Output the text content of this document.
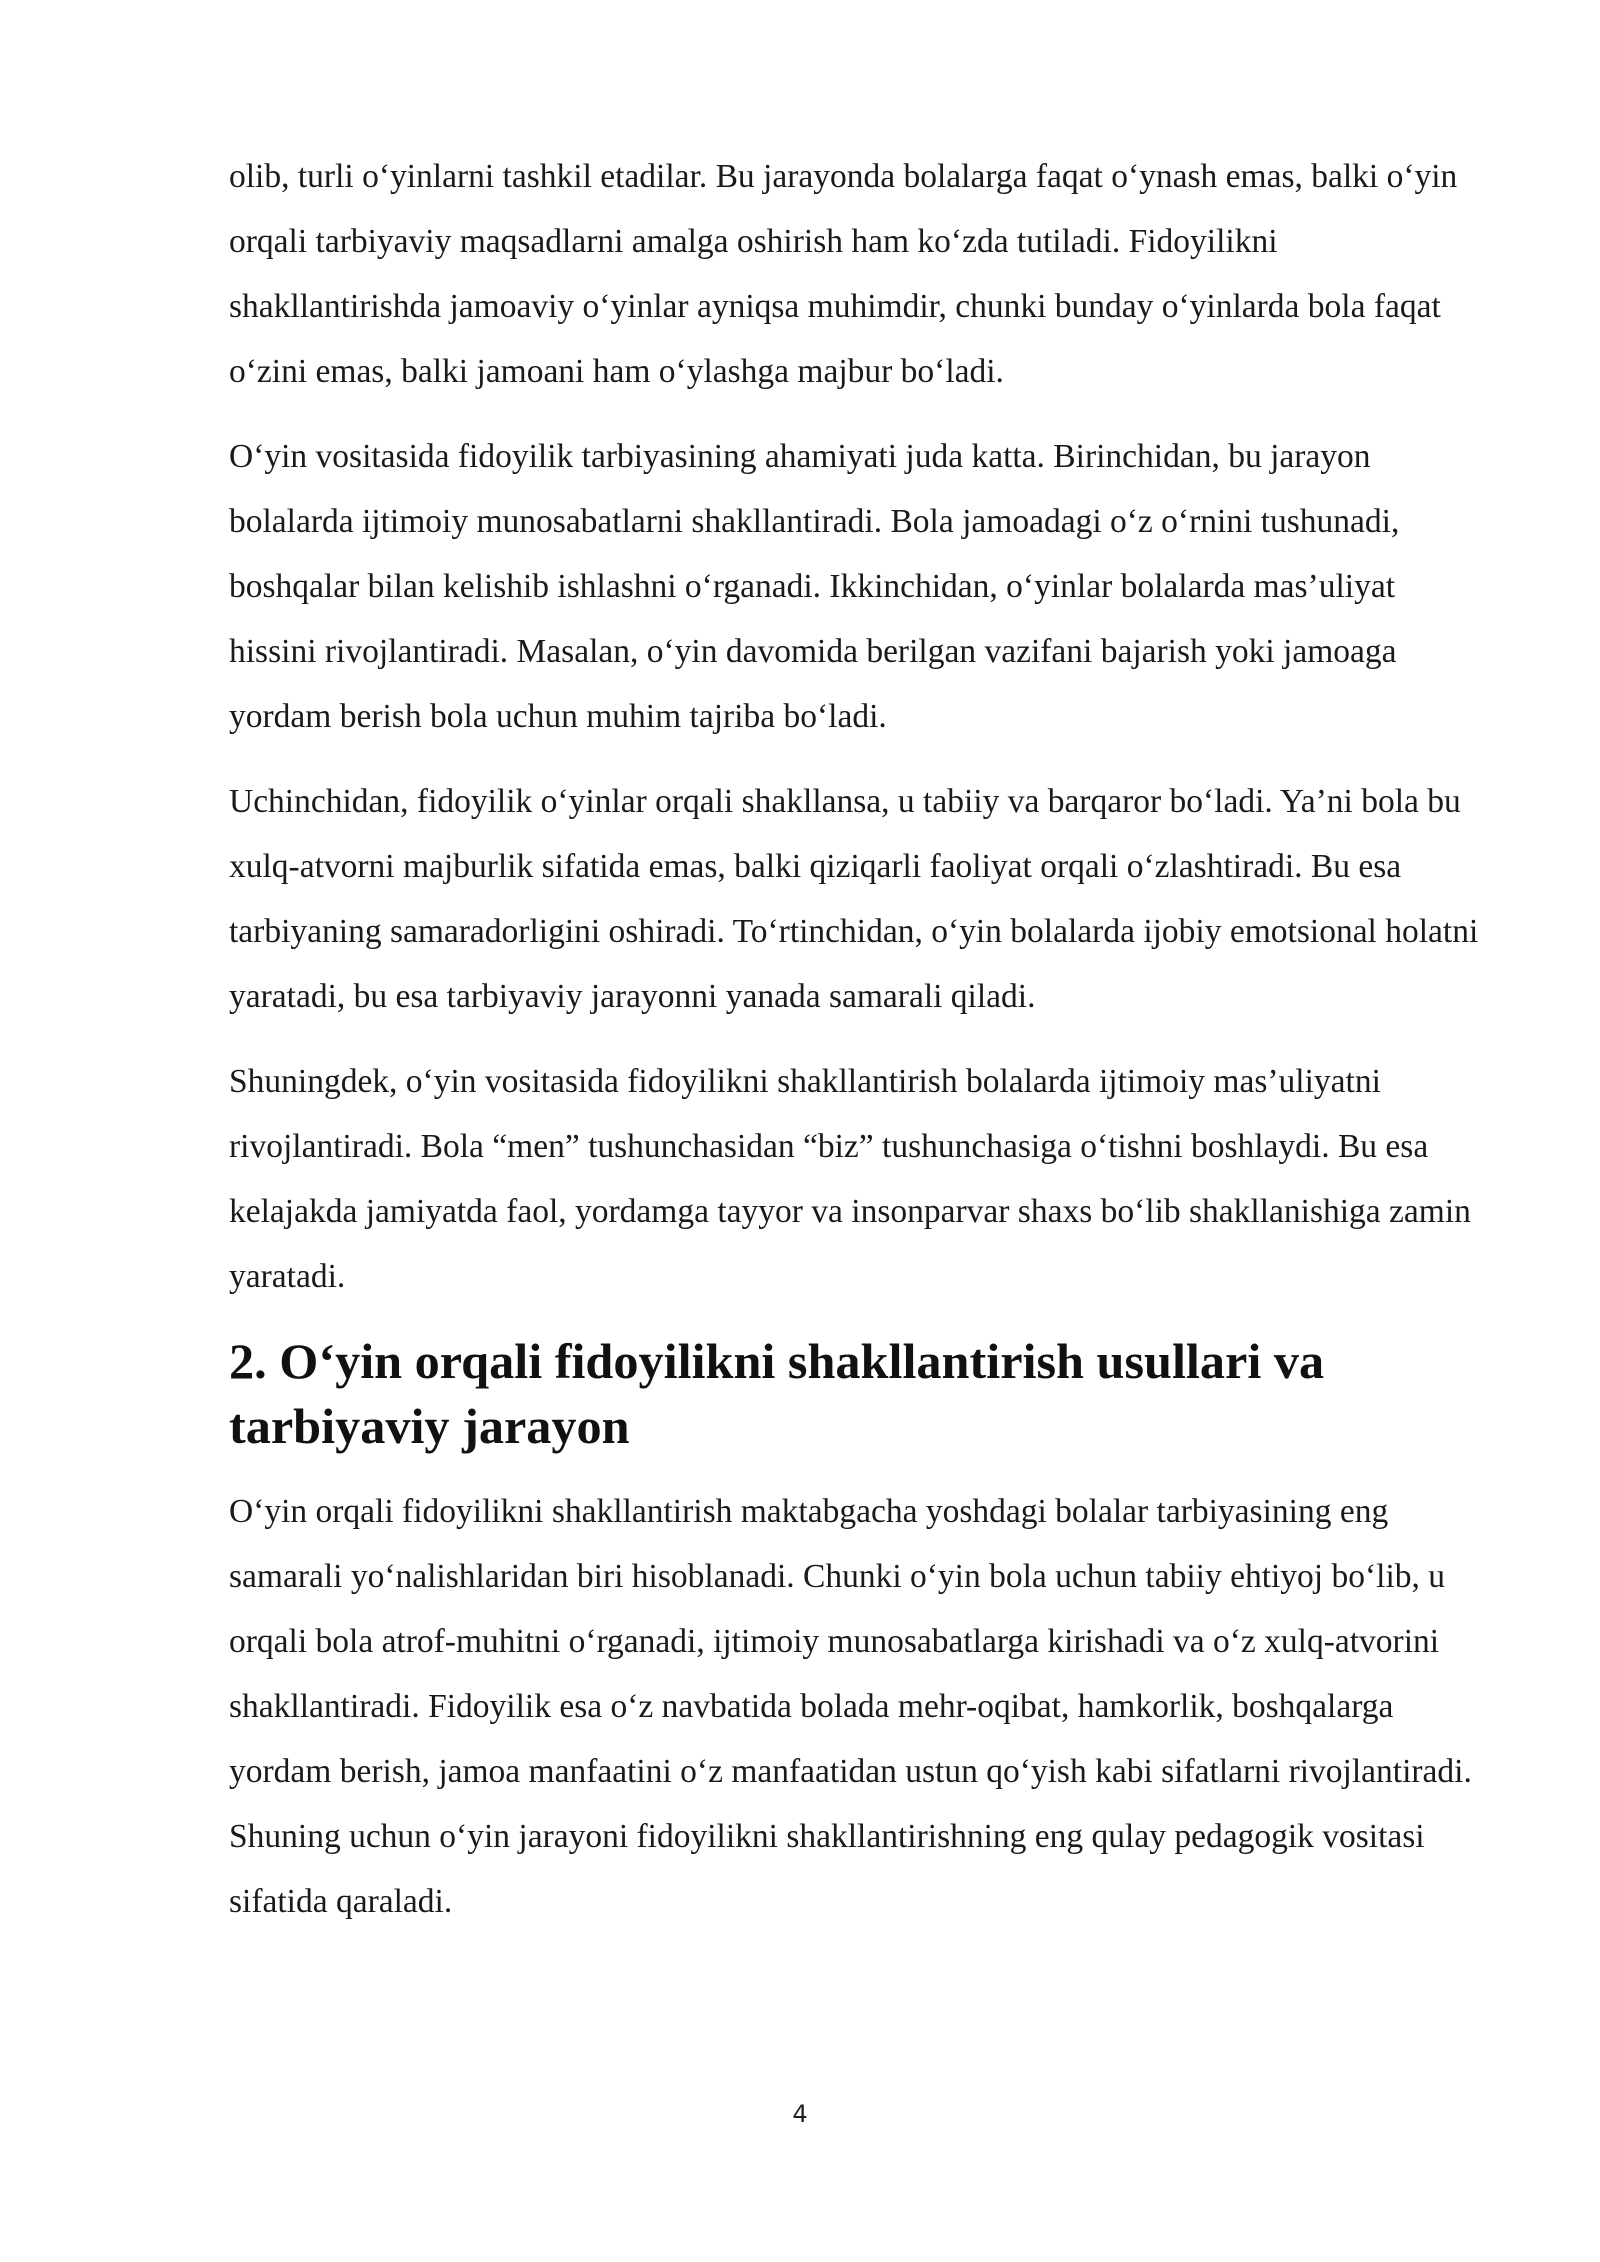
olib, turli o‘yinlarni tashkil etadilar. Bu jarayonda bolalarga faqat o‘ynash emas, balki o‘yin orqali tarbiyaviy maqsadlarni amalga oshirish ham ko‘zda tutiladi. Fidoyilikni shakllantirishda jamoaviy o‘yinlar ayniqsa muhimdir, chunki bunday o‘yinlarda bola faqat o‘zini emas, balki jamoani ham o‘ylashga majbur bo‘ladi.

O‘yin vositasida fidoyilik tarbiyasining ahamiyati juda katta. Birinchidan, bu jarayon bolalarda ijtimoiy munosabatlarni shakllantiradi. Bola jamoadagi o‘z o‘rnini tushunadi, boshqalar bilan kelishib ishlashni o‘rganadi. Ikkinchidan, o‘yinlar bolalarda mas’uliyat hissini rivojlantiradi. Masalan, o‘yin davomida berilgan vazifani bajarish yoki jamoaga yordam berish bola uchun muhim tajriba bo‘ladi.

Uchinchidan, fidoyilik o‘yinlar orqali shakllansa, u tabiiy va barqaror bo‘ladi. Ya’ni bola bu xulq-atvorni majburlik sifatida emas, balki qiziqarli faoliyat orqali o‘zlashtiradi. Bu esa tarbiyaning samaradorligini oshiradi. To‘rtinchidan, o‘yin bolalarda ijobiy emotsional holatni yaratadi, bu esa tarbiyaviy jarayonni yanada samarali qiladi.

Shuningdek, o‘yin vositasida fidoyilikni shakllantirish bolalarda ijtimoiy mas’uliyatni rivojlantiradi. Bola “men” tushunchasidan “biz” tushunchasiga o‘tishni boshlaydi. Bu esa kelajakda jamiyatda faol, yordamga tayyor va insonparvar shaxs bo‘lib shakllanishiga zamin yaratadi.

2. O‘yin orqali fidoyilikni shakllantirish usullari va tarbiyaviy jarayon

O‘yin orqali fidoyilikni shakllantirish maktabgacha yoshdagi bolalar tarbiyasining eng samarali yo‘nalishlaridan biri hisoblanadi. Chunki o‘yin bola uchun tabiiy ehtiyoj bo‘lib, u orqali bola atrof-muhitni o‘rganadi, ijtimoiy munosabatlarga kirishadi va o‘z xulq-atvorini shakllantiradi. Fidoyilik esa o‘z navbatida bolada mehr-oqibat, hamkorlik, boshqalarga yordam berish, jamoa manfaatini o‘z manfaatidan ustun qo‘yish kabi sifatlarni rivojlantiradi. Shuning uchun o‘yin jarayoni fidoyilikni shakllantirishning eng qulay pedagogik vositasi sifatida qaraladi.

4
